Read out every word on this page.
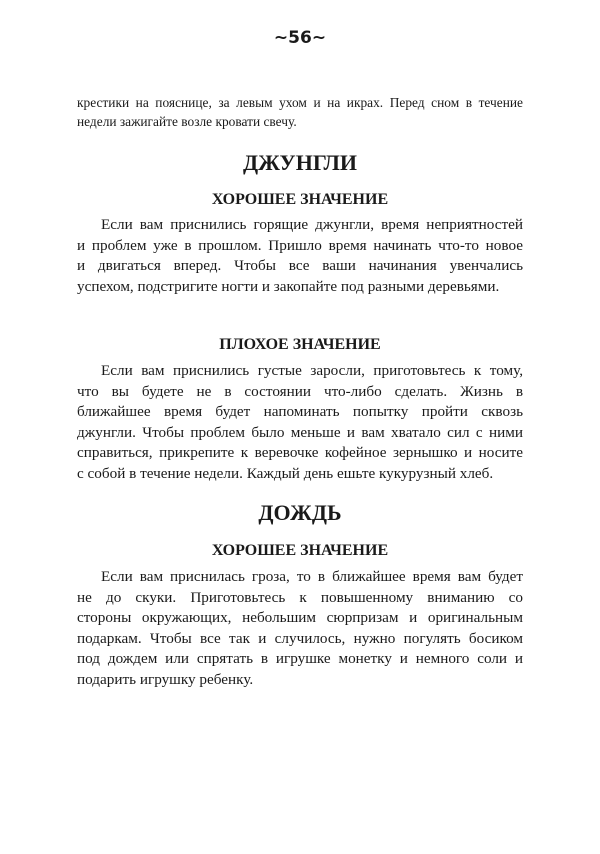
~56~
крестики на пояснице, за левым ухом и на икрах. Перед сном в течение
недели зажигайте возле кровати свечу.
ДЖУНГЛИ
ХОРОШЕЕ ЗНАЧЕНИЕ
Если вам приснились горящие джунгли, время неприятностей
и проблем уже в прошлом. Пришло время начинать что-то новое
и двигаться вперед. Чтобы все ваши начинания увенчались
успехом, подстригите ногти и закопайте под разными деревьями.
ПЛОХОЕ ЗНАЧЕНИЕ
Если вам приснились густые заросли, приготовьтесь к тому,
что вы будете не в состоянии что-либо сделать. Жизнь в
ближайшее время будет напоминать попытку пройти сквозь
джунгли. Чтобы проблем было меньше и вам хватало сил с ними
справиться, прикрепите к веревочке кофейное зернышко и носите
с собой в течение недели. Каждый день ешьте кукурузный хлеб.
ДОЖДЬ
ХОРОШЕЕ ЗНАЧЕНИЕ
Если вам приснилась гроза, то в ближайшее время вам будет
не до скуки. Приготовьтесь к повышенному вниманию со
стороны окружающих, небольшим сюрпризам и оригинальным
подаркам. Чтобы все так и случилось, нужно погулять босиком
под дождем или спрятать в игрушке монетку и немного соли и
подарить игрушку ребенку.
